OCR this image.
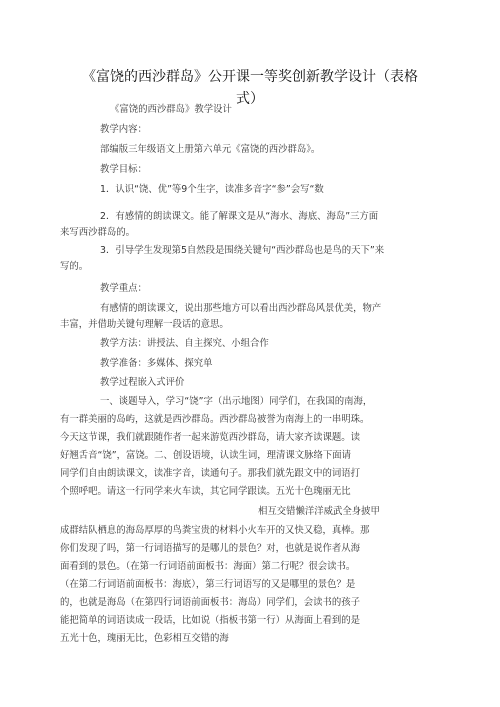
《富饶的西沙群岛》公开课一等奖创新教学设计（表格
式）
《富饶的西沙群岛》教学设计
教学内容：
部编版三年级语文上册第六单元《富饶的西沙群岛》。
教学目标：
1．认识“饶、优”等9个生字，读准多音字“参”会写“数
2．有感情的朗读课文。能了解课文是从“海水、海底、海岛”三方面
来写西沙群岛的。
3．引导学生发现第5自然段是围绕关键句“西沙群岛也是鸟的天下”来
写的。
教学重点：
有感情的朗读课文，说出那些地方可以看出西沙群岛风景优美，物产
丰富，并借助关键句理解一段话的意思。
教学方法：讲授法、自主探究、小组合作
教学准备：多媒体、探究单
教学过程嵌入式评价
一、谈题导入，学习“饶”字（出示地图）同学们，在我国的南海，
有一群美丽的岛屿，这就是西沙群岛。西沙群岛被誉为南海上的一串明珠。
今天这节课，我们就跟随作者一起来游览西沙群岛，请大家齐读课题。读
好翘舌音“饶”，富饶。二、创设语境，认读生词，理清课文脉络下面请
同学们自由朗读课文，读准字音，读通句子。那我们就先跟文中的词语打
个照呼吧。请这一行同学来火车读，其它同学跟读。五光十色瑰丽无比
相互交错懒洋洋威武全身披甲
成群结队栖息的海岛厚厚的鸟粪宝贵的材料小火车开的又快又稳，真棒。那
你们发现了吗，第一行词语描写的是哪儿的景色？对，也就是说作者从海
面看到的景色。（在第一行词语前面板书：海面）第二行呢？很会读书。
（在第二行词语前面板书：海底），第三行词语写的又是哪里的景色？是
的，也就是海岛（在第四行词语前面板书：海岛）同学们，会读书的孩子
能把简单的词语读成一段话，比如说（指板书第一行）从海面上看到的是
五光十色，瑰丽无比，色彩相互交错的海
